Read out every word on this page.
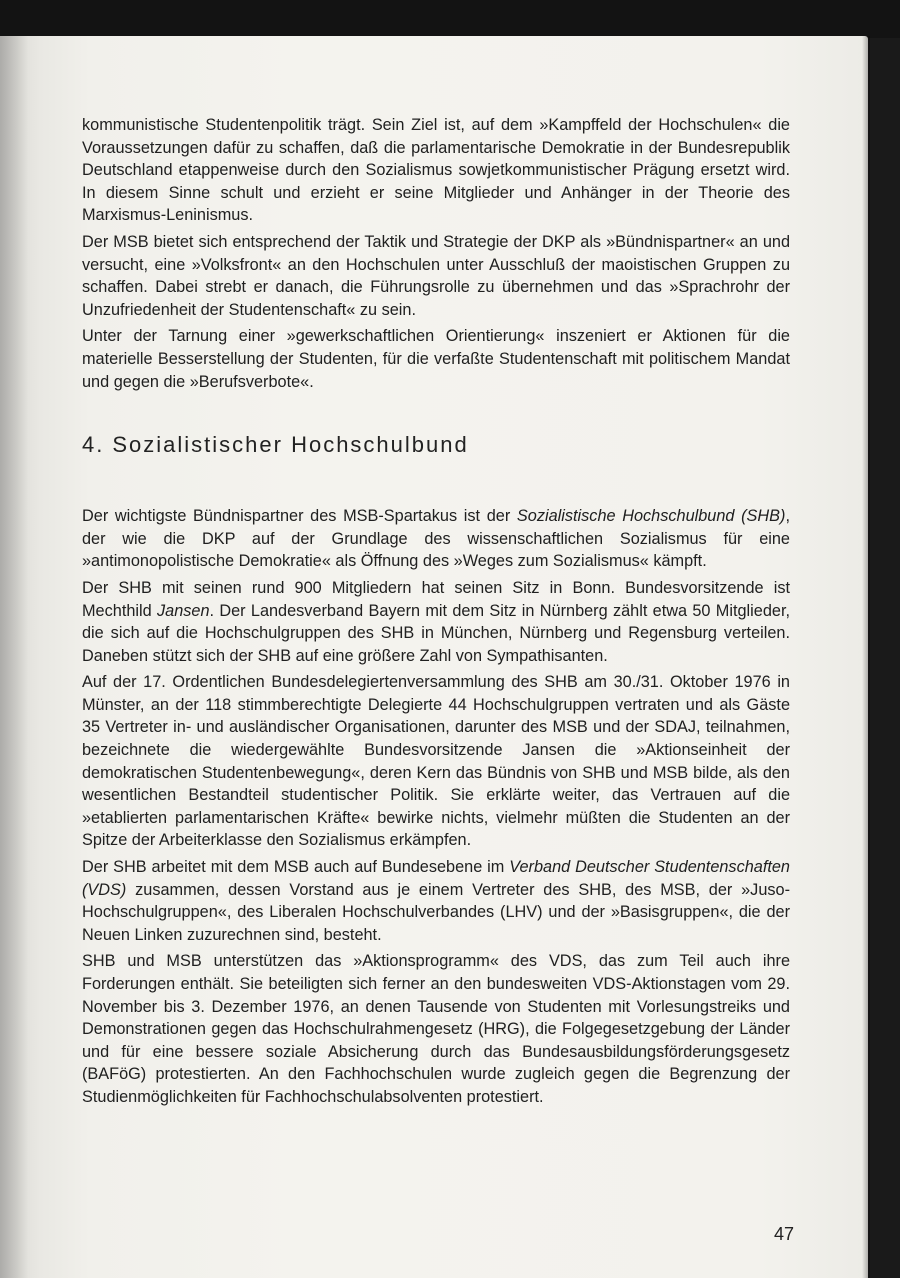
kommunistische Studentenpolitik trägt. Sein Ziel ist, auf dem »Kampffeld der Hochschulen« die Voraussetzungen dafür zu schaffen, daß die parlamentarische Demokratie in der Bundesrepublik Deutschland etappenweise durch den Sozialismus sowjetkommunistischer Prägung ersetzt wird. In diesem Sinne schult und erzieht er seine Mitglieder und Anhänger in der Theorie des Marxismus-Leninismus.

Der MSB bietet sich entsprechend der Taktik und Strategie der DKP als »Bündnispartner« an und versucht, eine »Volksfront« an den Hochschulen unter Ausschluß der maoistischen Gruppen zu schaffen. Dabei strebt er danach, die Führungsrolle zu übernehmen und das »Sprachrohr der Unzufriedenheit der Studentenschaft« zu sein.

Unter der Tarnung einer »gewerkschaftlichen Orientierung« inszeniert er Aktionen für die materielle Besserstellung der Studenten, für die verfaßte Studentenschaft mit politischem Mandat und gegen die »Berufsverbote«.

4. Sozialistischer Hochschulbund

Der wichtigste Bündnispartner des MSB-Spartakus ist der Sozialistische Hochschulbund (SHB), der wie die DKP auf der Grundlage des wissenschaftlichen Sozialismus für eine »antimonopolistische Demokratie« als Öffnung des »Weges zum Sozialismus« kämpft.

Der SHB mit seinen rund 900 Mitgliedern hat seinen Sitz in Bonn. Bundesvorsitzende ist Mechthild Jansen. Der Landesverband Bayern mit dem Sitz in Nürnberg zählt etwa 50 Mitglieder, die sich auf die Hochschulgruppen des SHB in München, Nürnberg und Regensburg verteilen. Daneben stützt sich der SHB auf eine größere Zahl von Sympathisanten.

Auf der 17. Ordentlichen Bundesdelegiertenversammlung des SHB am 30./31. Oktober 1976 in Münster, an der 118 stimmberechtigte Delegierte 44 Hochschulgruppen vertraten und als Gäste 35 Vertreter in- und ausländischer Organisationen, darunter des MSB und der SDAJ, teilnahmen, bezeichnete die wiedergewählte Bundesvorsitzende Jansen die »Aktionseinheit der demokratischen Studentenbewegung«, deren Kern das Bündnis von SHB und MSB bilde, als den wesentlichen Bestandteil studentischer Politik. Sie erklärte weiter, das Vertrauen auf die »etablierten parlamentarischen Kräfte« bewirke nichts, vielmehr müßten die Studenten an der Spitze der Arbeiterklasse den Sozialismus erkämpfen.

Der SHB arbeitet mit dem MSB auch auf Bundesebene im Verband Deutscher Studentenschaften (VDS) zusammen, dessen Vorstand aus je einem Vertreter des SHB, des MSB, der »Juso-Hochschulgruppen«, des Liberalen Hochschulverbandes (LHV) und der »Basisgruppen«, die der Neuen Linken zuzurechnen sind, besteht.

SHB und MSB unterstützen das »Aktionsprogramm« des VDS, das zum Teil auch ihre Forderungen enthält. Sie beteiligten sich ferner an den bundesweiten VDS-Aktionstagen vom 29. November bis 3. Dezember 1976, an denen Tausende von Studenten mit Vorlesungstreiks und Demonstrationen gegen das Hochschulrahmengesetz (HRG), die Folgegesetzgebung der Länder und für eine bessere soziale Absicherung durch das Bundesausbildungsförderungsgesetz (BAFöG) protestierten. An den Fachhochschulen wurde zugleich gegen die Begrenzung der Studienmöglichkeiten für Fachhochschulabsolventen protestiert.

47
